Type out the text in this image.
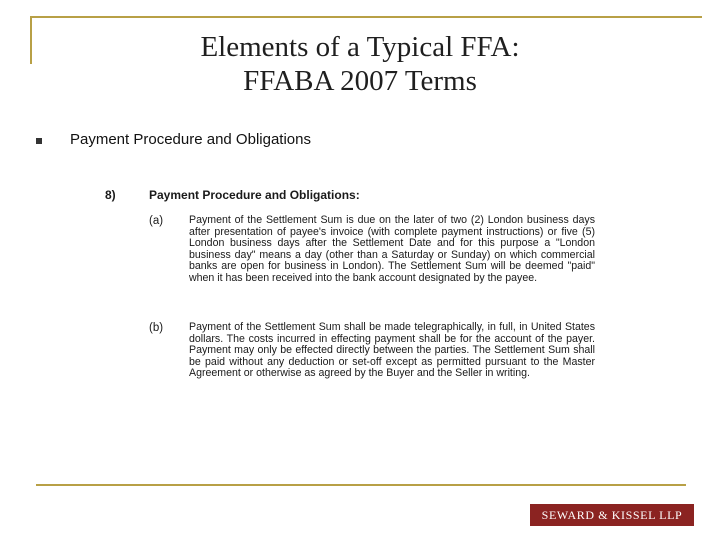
Elements of a Typical FFA:
FFABA 2007 Terms
Payment Procedure and Obligations
8)	Payment Procedure and Obligations:
(a) Payment of the Settlement Sum is due on the later of two (2) London business days after presentation of payee's invoice (with complete payment instructions) or five (5) London business days after the Settlement Date and for this purpose a "London business day" means a day (other than a Saturday or Sunday) on which commercial banks are open for business in London). The Settlement Sum will be deemed "paid" when it has been received into the bank account designated by the payee.
(b) Payment of the Settlement Sum shall be made telegraphically, in full, in United States dollars. The costs incurred in effecting payment shall be for the account of the payer. Payment may only be effected directly between the parties. The Settlement Sum shall be paid without any deduction or set-off except as permitted pursuant to the Master Agreement or otherwise as agreed by the Buyer and the Seller in writing.
SEWARD & KISSEL LLP
